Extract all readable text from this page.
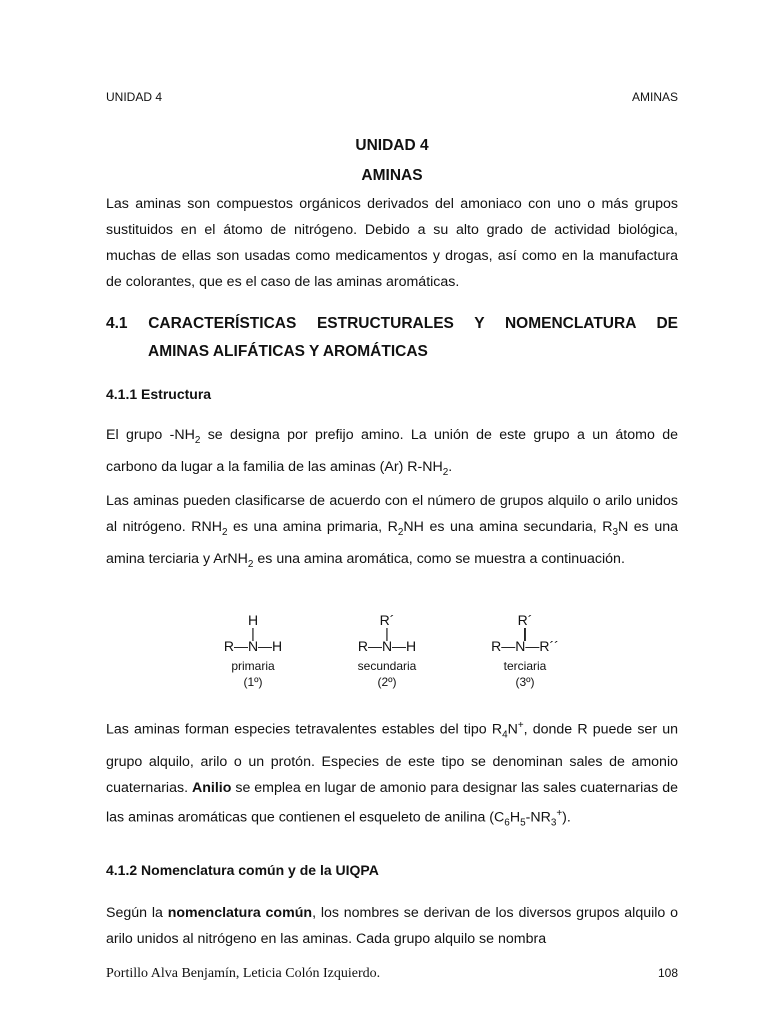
UNIDAD 4	AMINAS
UNIDAD 4
AMINAS

Las aminas son compuestos orgánicos derivados del amoniaco con uno o más grupos sustituidos en el átomo de nitrógeno. Debido a su alto grado de actividad biológica, muchas de ellas son usadas como medicamentos y drogas, así como en la manufactura de colorantes, que es el caso de las aminas aromáticas.

4.1 CARACTERÍSTICAS ESTRUCTURALES Y NOMENCLATURA DE
AMINAS ALIFÁTICAS Y AROMÁTICAS
4.1.1 Estructura

El grupo $-NH_2$ se designa por prefijo amino. La unión de este grupo a un átomo de carbono da lugar a la familia de las aminas (Ar) $R-NH_2$.

Las aminas pueden clasificarse de acuerdo con el número de grupos alquilo o arilo unidos al nitrógeno. $RNH_2$ es una amina primaria, $R_2NH$ es una amina secundaria, $R_3N$ es una amina terciaria y ArNH$_2$ es una amina aromática, como se muestra a continuación.

H
|
R—N—H
primaria
(1º)
R´
|
R—N—H
secundaria
(2º)
R´
|
R—N—R´´
terciaria
(3º)

Las aminas forman especies tetravalentes estables del tipo $R_4N^+$, donde R puede ser un grupo alquilo, arilo o un protón. Especies de este tipo se denominan sales de amonio cuaternarias. Anilio se emplea en lugar de amonio para designar las sales cuaternarias de las aminas aromáticas que contienen el esqueleto de anilina $(C_6H_5-NR_3^+)$.

4.1.2 Nomenclatura común y de la UIQPA

Según la nomenclatura común, los nombres se derivan de los diversos grupos alquilo o arilo unidos al nitrógeno en las aminas. Cada grupo alquilo se nombra

Portillo Alva Benjamín, Leticia Colón Izquierdo.	108
